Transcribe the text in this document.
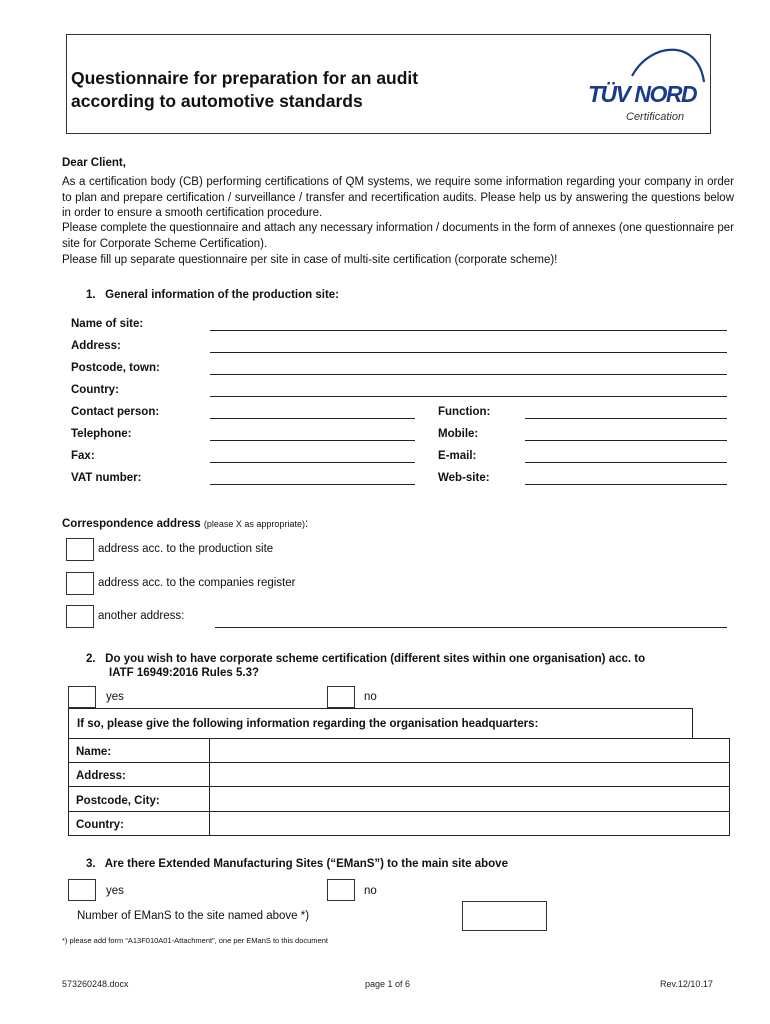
Questionnaire for preparation for an audit
according to automotive standards	TÜV NORD
Certification
Dear Client,
As a certification body (CB) performing certifications of QM systems, we require some information regarding your company in order to plan and prepare certification / surveillance / transfer and recertification audits. Please help us by answering the questions below in order to ensure a smooth certification procedure.
Please complete the questionnaire and attach any necessary information / documents in the form of annexes (one questionnaire per site for Corporate Scheme Certification).
Please fill up separate questionnaire per site in case of multi-site certification (corporate scheme)!
1.   General information of the production site:
Name of site:
Address:
Postcode, town:
Country:
Contact person:	Function:
Telephone:	Mobile:
Fax:	E-mail:
VAT number:	Web-site:
Correspondence address (please X as appropriate):
address acc. to the production site
address acc. to the companies register
another address:
2.   Do you wish to have corporate scheme certification (different sites within one organisation) acc. to
IATF 16949:2016 Rules 5.3?
yes	no
If so, please give the following information regarding the organisation headquarters:
Name:
Address:
Postcode, City:
Country:
3.   Are there Extended Manufacturing Sites (“EManS”) to the main site above
yes	no
Number of EManS to the site named above *)
*) please add form “A13F010A01-Attachment”, one per EManS to this document
573260248.docx	page 1 of 6	Rev.12/10.17
